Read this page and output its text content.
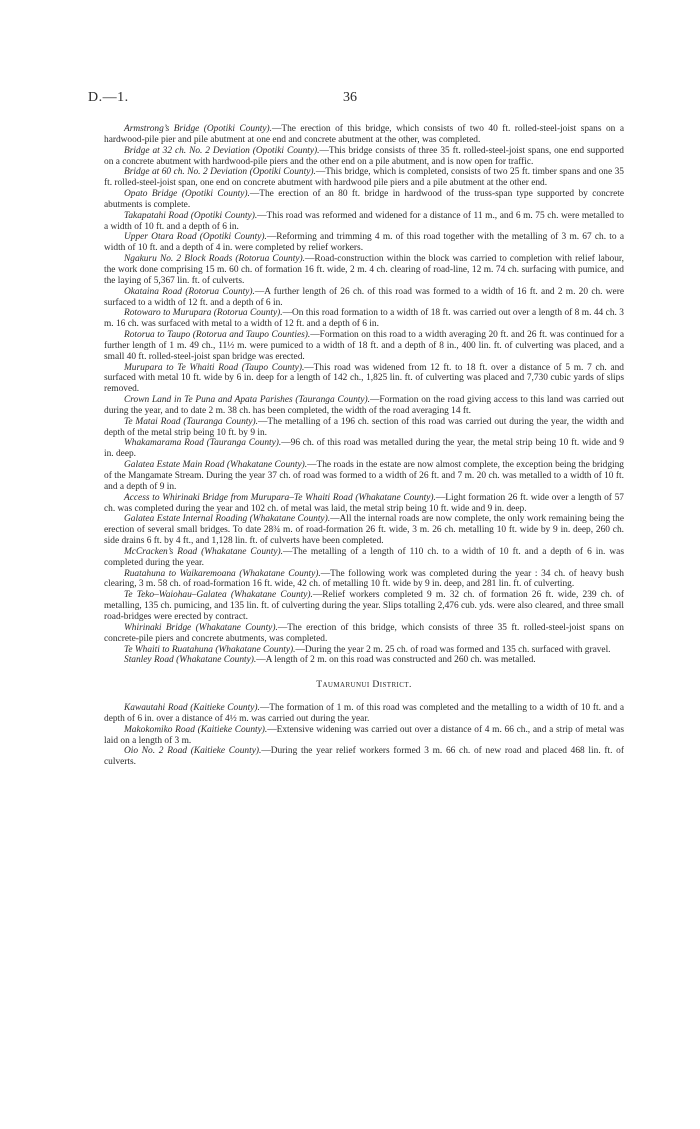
D.—1.	36

Armstrong’s Bridge (Opotiki County).—The erection of this bridge, which consists of two 40 ft. rolled-steel-joist spans on a hardwood-pile pier and pile abutment at one end and concrete abutment at the other, was completed.

Bridge at 32 ch. No. 2 Deviation (Opotiki County).—This bridge consists of three 35 ft. rolled-steel-joist spans, one end supported on a concrete abutment with hardwood-pile piers and the other end on a pile abutment, and is now open for traffic.

Bridge at 60 ch. No. 2 Deviation (Opotiki County).—This bridge, which is completed, consists of two 25 ft. timber spans and one 35 ft. rolled-steel-joist span, one end on concrete abutment with hardwood pile piers and a pile abutment at the other end.

Opato Bridge (Opotiki County).—The erection of an 80 ft. bridge in hardwood of the truss-span type supported by concrete abutments is complete.

Takapatahi Road (Opotiki County).—This road was reformed and widened for a distance of 11 m., and 6 m. 75 ch. were metalled to a width of 10 ft. and a depth of 6 in.

Upper Otara Road (Opotiki County).—Reforming and trimming 4 m. of this road together with the metalling of 3 m. 67 ch. to a width of 10 ft. and a depth of 4 in. were completed by relief workers.

Ngakuru No. 2 Block Roads (Rotorua County).—Road-construction within the block was carried to completion with relief labour, the work done comprising 15 m. 60 ch. of formation 16 ft. wide, 2 m. 4 ch. clearing of road-line, 12 m. 74 ch. surfacing with pumice, and the laying of 5,367 lin. ft. of culverts.

Okataina Road (Rotorua County).—A further length of 26 ch. of this road was formed to a width of 16 ft. and 2 m. 20 ch. were surfaced to a width of 12 ft. and a depth of 6 in.

Rotowaro to Murupara (Rotorua County).—On this road formation to a width of 18 ft. was carried out over a length of 8 m. 44 ch. 3 m. 16 ch. was surfaced with metal to a width of 12 ft. and a depth of 6 in.

Rotorua to Taupo (Rotorua and Taupo Counties).—Formation on this road to a width averaging 20 ft. and 26 ft. was continued for a further length of 1 m. 49 ch., 11½ m. were pumiced to a width of 18 ft. and a depth of 8 in., 400 lin. ft. of culverting was placed, and a small 40 ft. rolled-steel-joist span bridge was erected.

Murupara to Te Whaiti Road (Taupo County).—This road was widened from 12 ft. to 18 ft. over a distance of 5 m. 7 ch. and surfaced with metal 10 ft. wide by 6 in. deep for a length of 142 ch., 1,825 lin. ft. of culverting was placed and 7,730 cubic yards of slips removed.

Crown Land in Te Puna and Apata Parishes (Tauranga County).—Formation on the road giving access to this land was carried out during the year, and to date 2 m. 38 ch. has been completed, the width of the road averaging 14 ft.

Te Matai Road (Tauranga County).—The metalling of a 196 ch. section of this road was carried out during the year, the width and depth of the metal strip being 10 ft. by 9 in.

Whakamarama Road (Tauranga County).—96 ch. of this road was metalled during the year, the metal strip being 10 ft. wide and 9 in. deep.

Galatea Estate Main Road (Whakatane County).—The roads in the estate are now almost complete, the exception being the bridging of the Mangamate Stream. During the year 37 ch. of road was formed to a width of 26 ft. and 7 m. 20 ch. was metalled to a width of 10 ft. and a depth of 9 in.

Access to Whirinaki Bridge from Murupara–Te Whaiti Road (Whakatane County).—Light formation 26 ft. wide over a length of 57 ch. was completed during the year and 102 ch. of metal was laid, the metal strip being 10 ft. wide and 9 in. deep.

Galatea Estate Internal Roading (Whakatane County).—All the internal roads are now complete, the only work remaining being the erection of several small bridges. To date 28¾ m. of road-formation 26 ft. wide, 3 m. 26 ch. metalling 10 ft. wide by 9 in. deep, 260 ch. side drains 6 ft. by 4 ft., and 1,128 lin. ft. of culverts have been completed.

McCracken’s Road (Whakatane County).—The metalling of a length of 110 ch. to a width of 10 ft. and a depth of 6 in. was completed during the year.

Ruatahuna to Waikaremoana (Whakatane County).—The following work was completed during the year : 34 ch. of heavy bush clearing, 3 m. 58 ch. of road-formation 16 ft. wide, 42 ch. of metalling 10 ft. wide by 9 in. deep, and 281 lin. ft. of culverting.

Te Teko–Waiohau–Galatea (Whakatane County).—Relief workers completed 9 m. 32 ch. of formation 26 ft. wide, 239 ch. of metalling, 135 ch. pumicing, and 135 lin. ft. of culverting during the year. Slips totalling 2,476 cub. yds. were also cleared, and three small road-bridges were erected by contract.

Whirinaki Bridge (Whakatane County).—The erection of this bridge, which consists of three 35 ft. rolled-steel-joist spans on concrete-pile piers and concrete abutments, was completed.

Te Whaiti to Ruatahuna (Whakatane County).—During the year 2 m. 25 ch. of road was formed and 135 ch. surfaced with gravel.

Stanley Road (Whakatane County).—A length of 2 m. on this road was constructed and 260 ch. was metalled.

Taumarunui District.

Kawautahi Road (Kaitieke County).—The formation of 1 m. of this road was completed and the metalling to a width of 10 ft. and a depth of 6 in. over a distance of 4½ m. was carried out during the year.

Makokomiko Road (Kaitieke County).—Extensive widening was carried out over a distance of 4 m. 66 ch., and a strip of metal was laid on a length of 3 m.

Oio No. 2 Road (Kaitieke County).—During the year relief workers formed 3 m. 66 ch. of new road and placed 468 lin. ft. of culverts.
